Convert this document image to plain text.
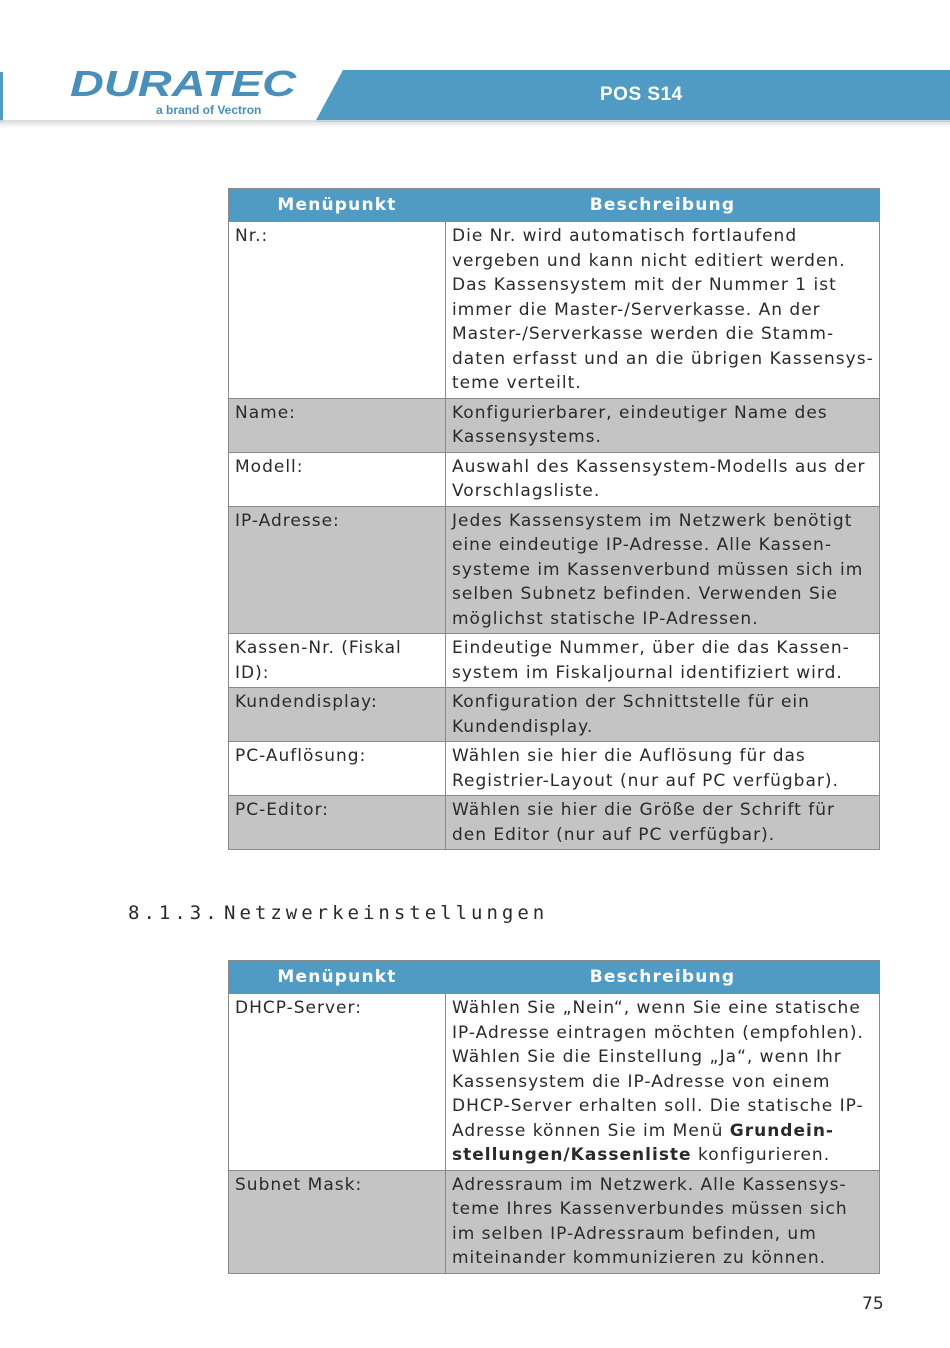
DURATEC
a brand of Vectron
POS S14
Menüpunkt	Beschreibung
Nr.:	Die Nr. wird automatisch fortlaufend vergeben und kann nicht editiert werden. Das Kassensystem mit der Nummer 1 ist immer die Master-/Serverkasse. An der Master-/Serverkasse werden die Stammdaten erfasst und an die übrigen Kassensysteme verteilt.
Name:	Konfigurierbarer, eindeutiger Name des Kassensystems.
Modell:	Auswahl des Kassensystem-Modells aus der Vorschlagsliste.
IP-Adresse:	Jedes Kassensystem im Netzwerk benötigt eine eindeutige IP-Adresse. Alle Kassensysteme im Kassenverbund müssen sich im selben Subnetz befinden. Verwenden Sie möglichst statische IP-Adressen.
Kassen-Nr. (Fiskal ID):	Eindeutige Nummer, über die das Kassensystem im Fiskaljournal identifiziert wird.
Kundendisplay:	Konfiguration der Schnittstelle für ein Kundendisplay.
PC-Auflösung:	Wählen sie hier die Auflösung für das Registrier-Layout (nur auf PC verfügbar).
PC-Editor:	Wählen sie hier die Größe der Schrift für den Editor (nur auf PC verfügbar).
8.1.3. Netzwerkeinstellungen
Menüpunkt	Beschreibung
DHCP-Server:	Wählen Sie „Nein“, wenn Sie eine statische IP-Adresse eintragen möchten (empfohlen). Wählen Sie die Einstellung „Ja“, wenn Ihr Kassensystem die IP-Adresse von einem DHCP-Server erhalten soll. Die statische IP-Adresse können Sie im Menü Grundeinstellungen/Kassenliste konfigurieren.
Subnet Mask:	Adressraum im Netzwerk. Alle Kassensysteme Ihres Kassenverbundes müssen sich im selben IP-Adressraum befinden, um miteinander kommunizieren zu können.
75
